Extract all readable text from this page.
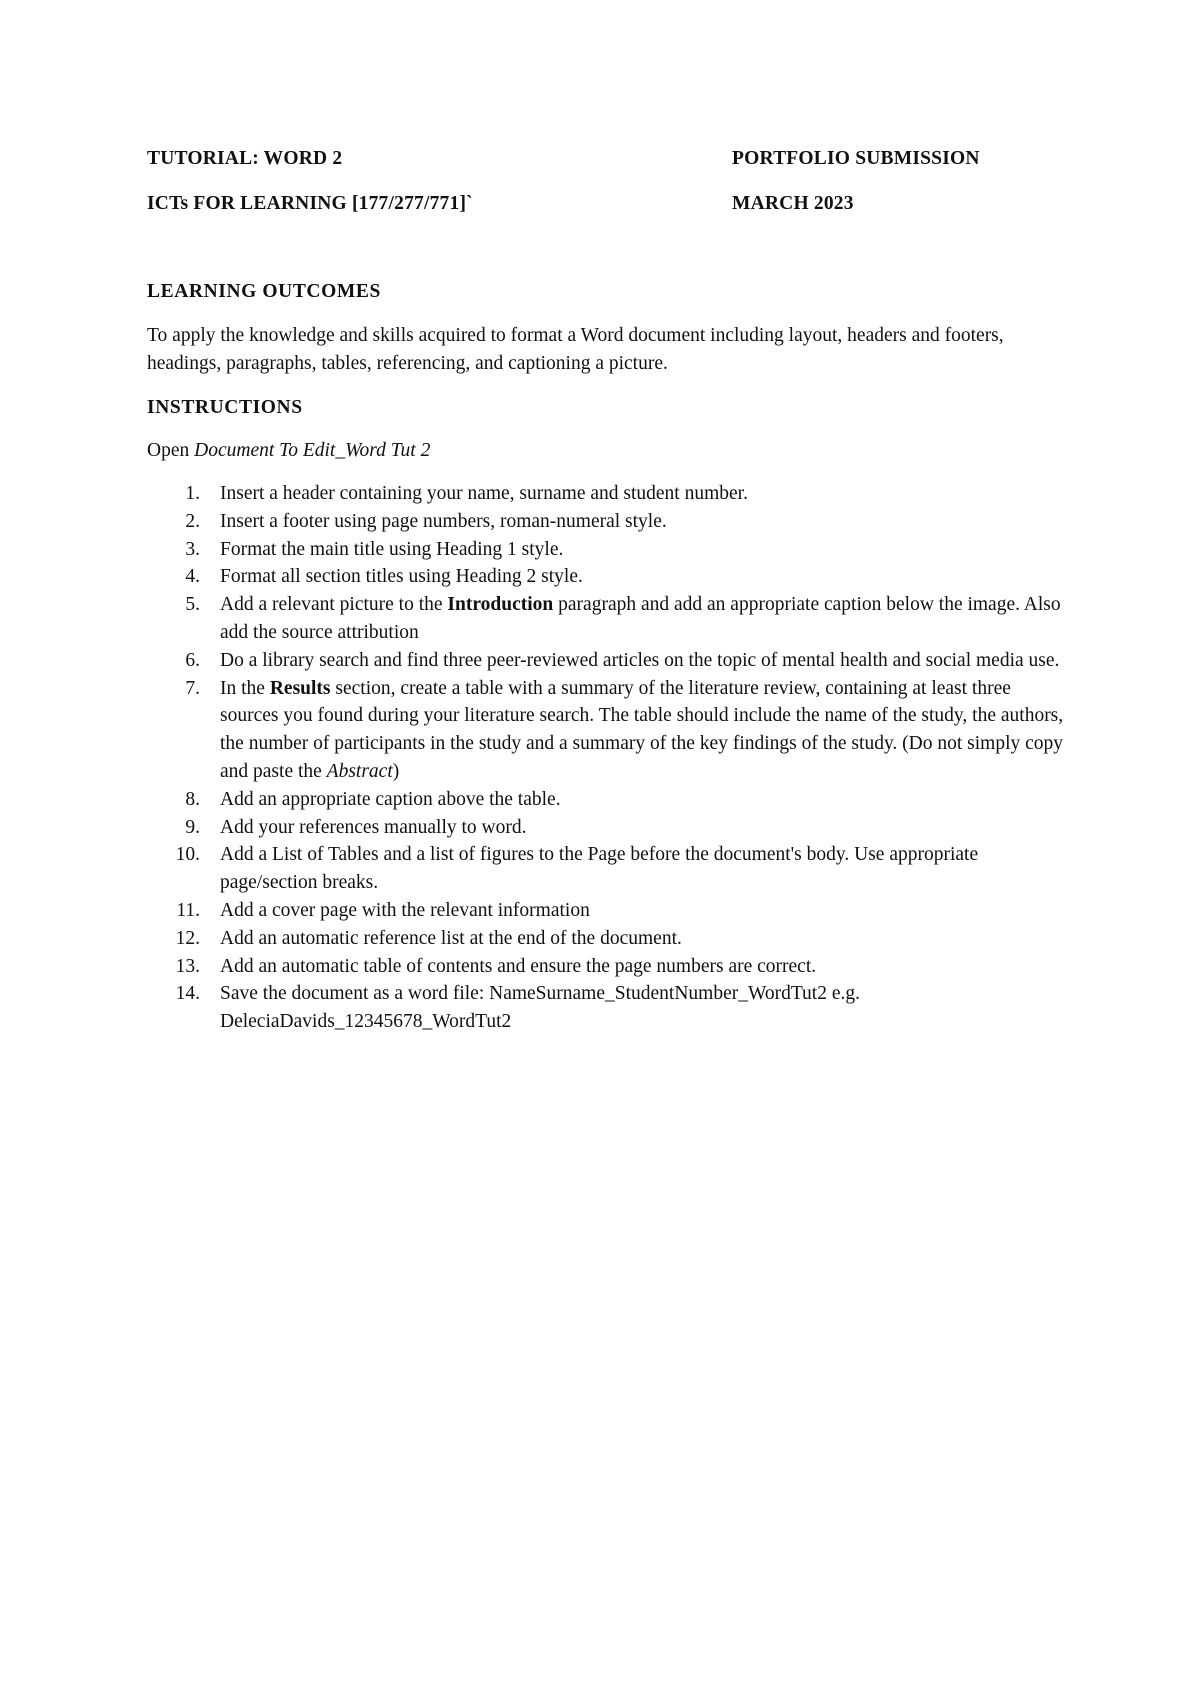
TUTORIAL: WORD 2	PORTFOLIO SUBMISSION
ICTs FOR LEARNING [177/277/771]`	MARCH 2023
LEARNING OUTCOMES
To apply the knowledge and skills acquired to format a Word document including layout, headers and footers, headings, paragraphs, tables, referencing, and captioning a picture.
INSTRUCTIONS
Open Document To Edit_Word Tut 2
1. Insert a header containing your name, surname and student number.
2. Insert a footer using page numbers, roman-numeral style.
3. Format the main title using Heading 1 style.
4. Format all section titles using Heading 2 style.
5. Add a relevant picture to the Introduction paragraph and add an appropriate caption below the image. Also add the source attribution
6. Do a library search and find three peer-reviewed articles on the topic of mental health and social media use.
7. In the Results section, create a table with a summary of the literature review, containing at least three sources you found during your literature search. The table should include the name of the study, the authors, the number of participants in the study and a summary of the key findings of the study. (Do not simply copy and paste the Abstract)
8. Add an appropriate caption above the table.
9. Add your references manually to word.
10. Add a List of Tables and a list of figures to the Page before the document's body. Use appropriate page/section breaks.
11. Add a cover page with the relevant information
12. Add an automatic reference list at the end of the document.
13. Add an automatic table of contents and ensure the page numbers are correct.
14. Save the document as a word file: NameSurname_StudentNumber_WordTut2 e.g. DeleciaDavids_12345678_WordTut2
